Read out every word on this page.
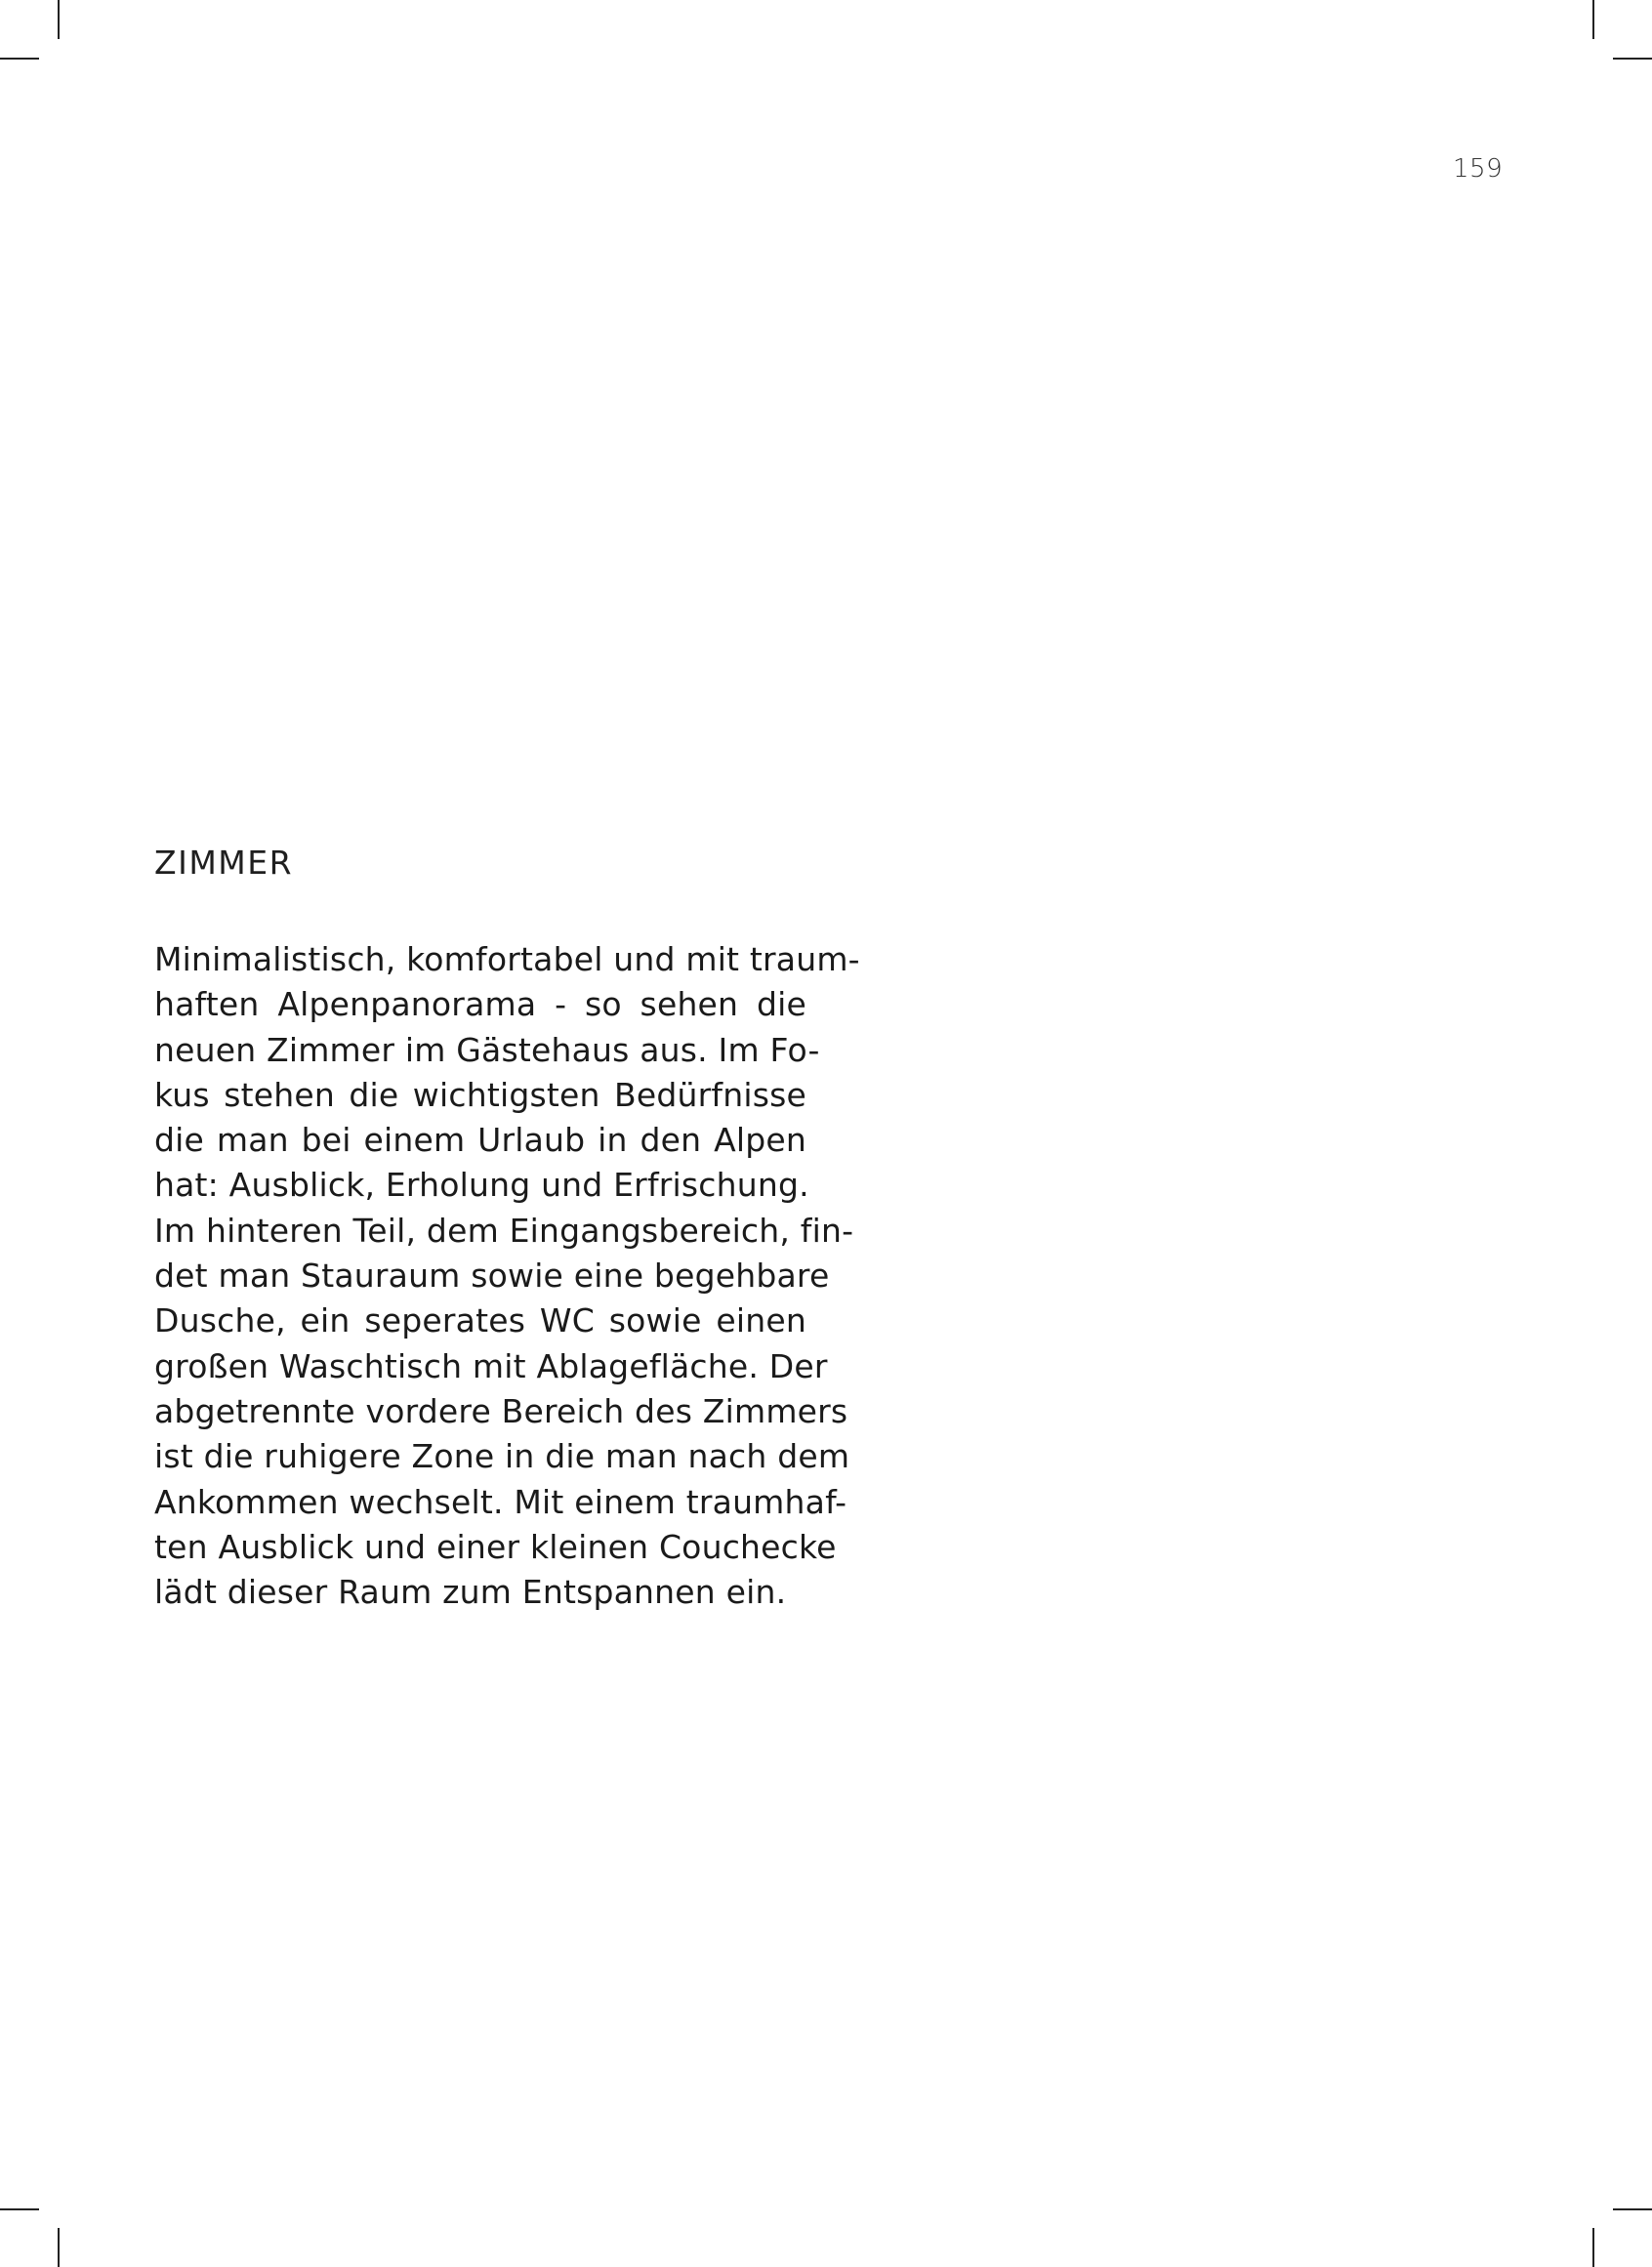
159
ZIMMER
Minimalistisch, komfortabel und mit traum-
haften Alpenpanorama - so sehen die
neuen Zimmer im Gästehaus aus. Im Fo-
kus stehen die wichtigsten Bedürfnisse
die man bei einem Urlaub in den Alpen
hat: Ausblick, Erholung und Erfrischung.
Im hinteren Teil, dem Eingangsbereich, fin-
det man Stauraum sowie eine begehbare
Dusche, ein seperates WC sowie einen
großen Waschtisch mit Ablagefläche. Der
abgetrennte vordere Bereich des Zimmers
ist die ruhigere Zone in die man nach dem
Ankommen wechselt. Mit einem traumhaf-
ten Ausblick und einer kleinen Couchecke
lädt dieser Raum zum Entspannen ein.
